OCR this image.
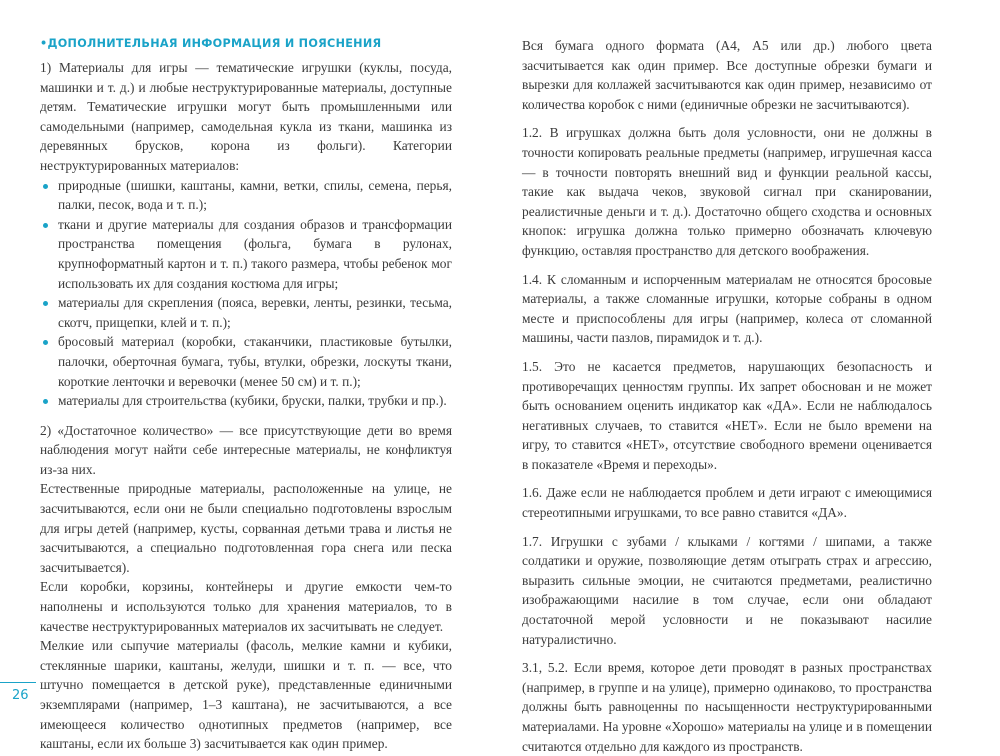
•ДОПОЛНИТЕЛЬНАЯ ИНФОРМАЦИЯ И ПОЯСНЕНИЯ

1) Материалы для игры — тематические игрушки (куклы, посуда, машинки и т. д.) и любые неструктурированные материалы, доступные детям. Тематические игрушки могут быть промышленными или самодельными (например, самодельная кукла из ткани, машинка из деревянных брусков, корона из фольги). Категории неструктурированных материалов:

природные (шишки, каштаны, камни, ветки, спилы, семена, перья, палки, песок, вода и т. п.);
ткани и другие материалы для создания образов и трансформации пространства помещения (фольга, бумага в рулонах, крупноформатный картон и т. п.) такого размера, чтобы ребенок мог использовать их для создания костюма для игры;
материалы для скрепления (пояса, веревки, ленты, резинки, тесьма, скотч, прищепки, клей и т. п.);
бросовый материал (коробки, стаканчики, пластиковые бутылки, палочки, оберточная бумага, тубы, втулки, обрезки, лоскуты ткани, короткие ленточки и веревочки (менее 50 см) и т. п.);
материалы для строительства (кубики, бруски, палки, трубки и пр.).

2) «Достаточное количество» — все присутствующие дети во время наблюдения могут найти себе интересные материалы, не конфликтуя из-за них.

Естественные природные материалы, расположенные на улице, не засчитываются, если они не были специально подготовлены взрослым для игры детей (например, кусты, сорванная детьми трава и листья не засчитываются, а специально подготовленная гора снега или песка засчитывается).

Если коробки, корзины, контейнеры и другие емкости чем-то наполнены и используются только для хранения материалов, то в качестве неструктурированных материалов их засчитывать не следует.

Мелкие или сыпучие материалы (фасоль, мелкие камни и кубики, стеклянные шарики, каштаны, желуди, шишки и т. п. — все, что штучно помещается в детской руке), представленные единичными экземплярами (например, 1–3 каштана), не засчитываются, а все имеющееся количество однотипных предметов (например, все каштаны, если их больше 3) засчитывается как один пример.

26

Вся бумага одного формата (А4, А5 или др.) любого цвета засчитывается как один пример. Все доступные обрезки бумаги и вырезки для коллажей засчитываются как один пример, независимо от количества коробок с ними (единичные обрезки не засчитываются).

1.2. В игрушках должна быть доля условности, они не должны в точности копировать реальные предметы (например, игрушечная касса — в точности повторять внешний вид и функции реальной кассы, такие как выдача чеков, звуковой сигнал при сканировании, реалистичные деньги и т. д.). Достаточно общего сходства и основных кнопок: игрушка должна только примерно обозначать ключевую функцию, оставляя пространство для детского воображения.

1.4. К сломанным и испорченным материалам не относятся бросовые материалы, а также сломанные игрушки, которые собраны в одном месте и приспособлены для игры (например, колеса от сломанной машины, части пазлов, пирамидок и т. д.).

1.5. Это не касается предметов, нарушающих безопасность и противоречащих ценностям группы. Их запрет обоснован и не может быть основанием оценить индикатор как «ДА». Если не наблюдалось негативных случаев, то ставится «НЕТ». Если не было времени на игру, то ставится «НЕТ», отсутствие свободного времени оценивается в показателе «Время и переходы».

1.6. Даже если не наблюдается проблем и дети играют с имеющимися стереотипными игрушками, то все равно ставится «ДА».

1.7. Игрушки с зубами / клыками / когтями / шипами, а также солдатики и оружие, позволяющие детям отыграть страх и агрессию, выразить сильные эмоции, не считаются предметами, реалистично изображающими насилие в том случае, если они обладают достаточной мерой условности и не показывают насилие натуралистично.

3.1, 5.2. Если время, которое дети проводят в разных пространствах (например, в группе и на улице), примерно одинаково, то пространства должны быть равноценны по насыщенности неструктурированными материалами. На уровне «Хорошо» материалы на улице и в помещении считаются отдельно для каждого из пространств.
